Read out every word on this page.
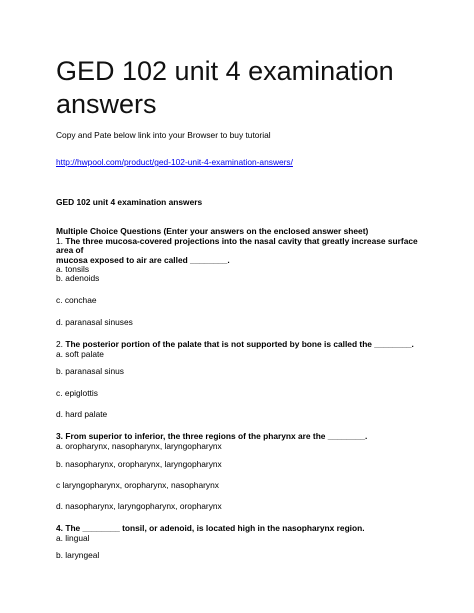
GED 102 unit 4 examination answers

Copy and Pate below link into your Browser to buy tutorial

http://hwpool.com/product/ged-102-unit-4-examination-answers/

GED 102 unit 4 examination answers

Multiple Choice Questions (Enter your answers on the enclosed answer sheet)
1. The three mucosa-covered projections into the nasal cavity that greatly increase surface area of
mucosa exposed to air are called ________.
a. tonsils
b. adenoids
c. conchae
d. paranasal sinuses
2. The posterior portion of the palate that is not supported by bone is called the ________.
a. soft palate
b. paranasal sinus
c. epiglottis
d. hard palate
3. From superior to inferior, the three regions of the pharynx are the ________.
a. oropharynx, nasopharynx, laryngopharynx
b. nasopharynx, oropharynx, laryngopharynx
c laryngopharynx, oropharynx, nasopharynx
d. nasopharynx, laryngopharynx, oropharynx
4. The ________ tonsil, or adenoid, is located high in the nasopharynx region.
a. lingual
b. laryngeal
